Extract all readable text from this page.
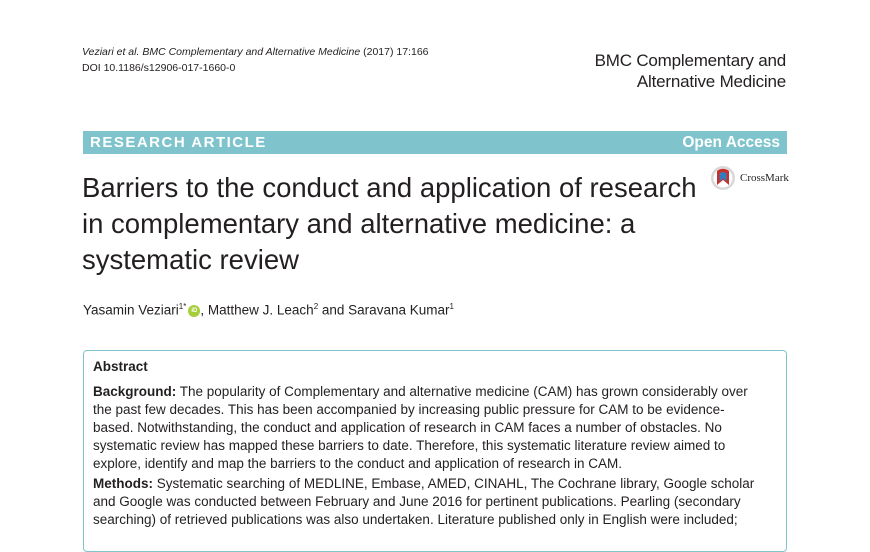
Veziari et al. BMC Complementary and Alternative Medicine (2017) 17:166
DOI 10.1186/s12906-017-1660-0	BMC Complementary and
Alternative Medicine
RESEARCH ARTICLE	Open Access
CrossMark
Barriers to the conduct and application of research in complementary and alternative medicine: a systematic review
Yasamin Veziari$^{1*}$ iD , Matthew J. Leach$^2$ and Saravana Kumar$^1$
Abstract

Background: The popularity of Complementary and alternative medicine (CAM) has grown considerably over the past few decades. This has been accompanied by increasing public pressure for CAM to be evidence-based. Notwithstanding, the conduct and application of research in CAM faces a number of obstacles. No systematic review has mapped these barriers to date. Therefore, this systematic literature review aimed to explore, identify and map the barriers to the conduct and application of research in CAM.

Methods: Systematic searching of MEDLINE, Embase, AMED, CINAHL, The Cochrane library, Google scholar and Google was conducted between February and June 2016 for pertinent publications. Pearling (secondary searching) of retrieved publications was also undertaken. Literature published only in English were included;
